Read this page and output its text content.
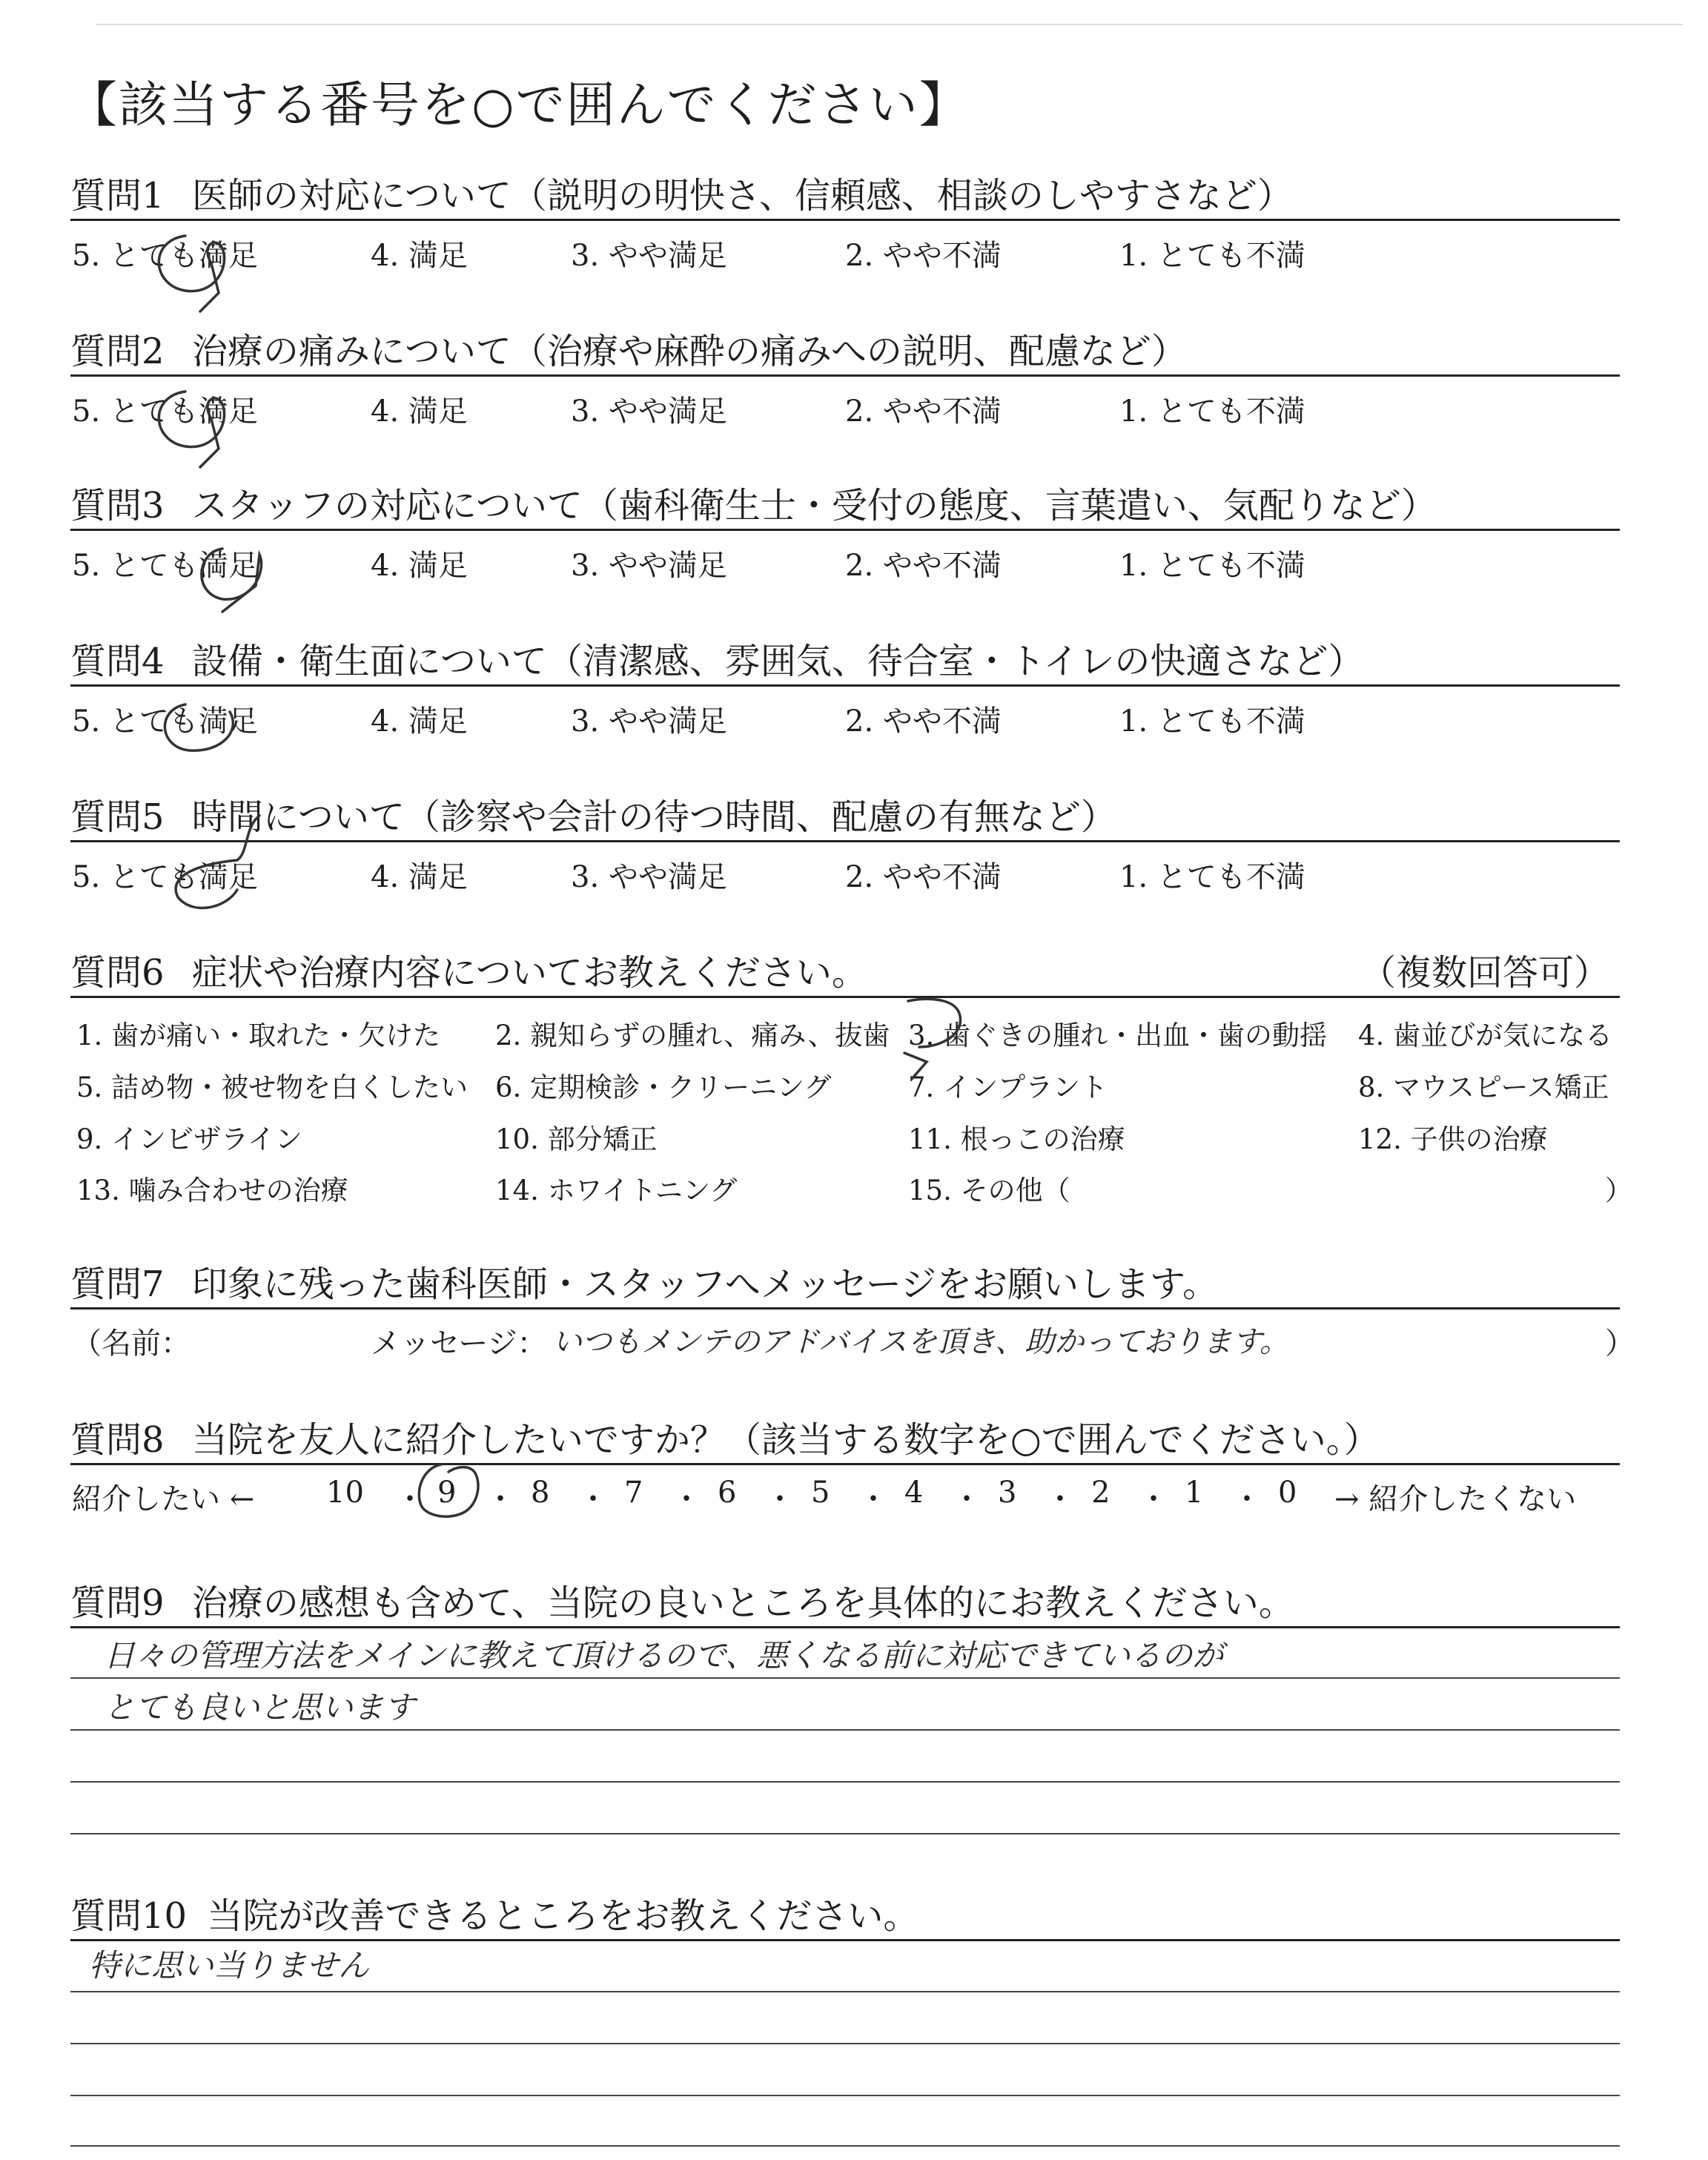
【該当する番号を○で囲んでください】
質問1 医師の対応について（説明の明快さ、信頼感、相談のしやすさなど）
5. とても満足	4. 満足	3. やや満足	2. やや不満	1. とても不満
質問2 治療の痛みについて（治療や麻酔の痛みへの説明、配慮など）
5. とても満足	4. 満足	3. やや満足	2. やや不満	1. とても不満
質問3 スタッフの対応について（歯科衛生士・受付の態度、言葉遣い、気配りなど）
5. とても満足	4. 満足	3. やや満足	2. やや不満	1. とても不満
質問4 設備・衛生面について（清潔感、雰囲気、待合室・トイレの快適さなど）
5. とても満足	4. 満足	3. やや満足	2. やや不満	1. とても不満
質問5 時間について（診察や会計の待つ時間、配慮の有無など）
5. とても満足	4. 満足	3. やや満足	2. やや不満	1. とても不満
質問6 症状や治療内容についてお教えください。	（複数回答可）
1. 歯が痛い・取れた・欠けた 2. 親知らずの腫れ、痛み、抜歯 3. 歯ぐきの腫れ・出血・歯の動揺 4. 歯並びが気になる
5. 詰め物・被せ物を白くしたい 6. 定期検診・クリーニング	7. インプラント	8. マウスピース矯正
9. インビザライン	10. 部分矯正	11. 根っこの治療	12. 子供の治療
13. 噛み合わせの治療	14. ホワイトニング	15. その他（	）
質問7 印象に残った歯科医師・スタッフへメッセージをお願いします。
（名前：	メッセージ： いつもメンテのアドバイスを頂き、助かっております。	）
質問8 当院を友人に紹介したいですか？（該当する数字を○で囲んでください。）
紹介したい ← 10 ・ 9 ・ 8 ・ 7 ・ 6 ・ 5 ・ 4 ・ 3 ・ 2 ・ 1 ・ 0 → 紹介したくない
質問9 治療の感想も含めて、当院の良いところを具体的にお教えください。
日々の管理方法をメインに教えて頂けるので、悪くなる前に対応できているのが
とても良いと思います
質問10 当院が改善できるところをお教えください。
特に思い当りません
